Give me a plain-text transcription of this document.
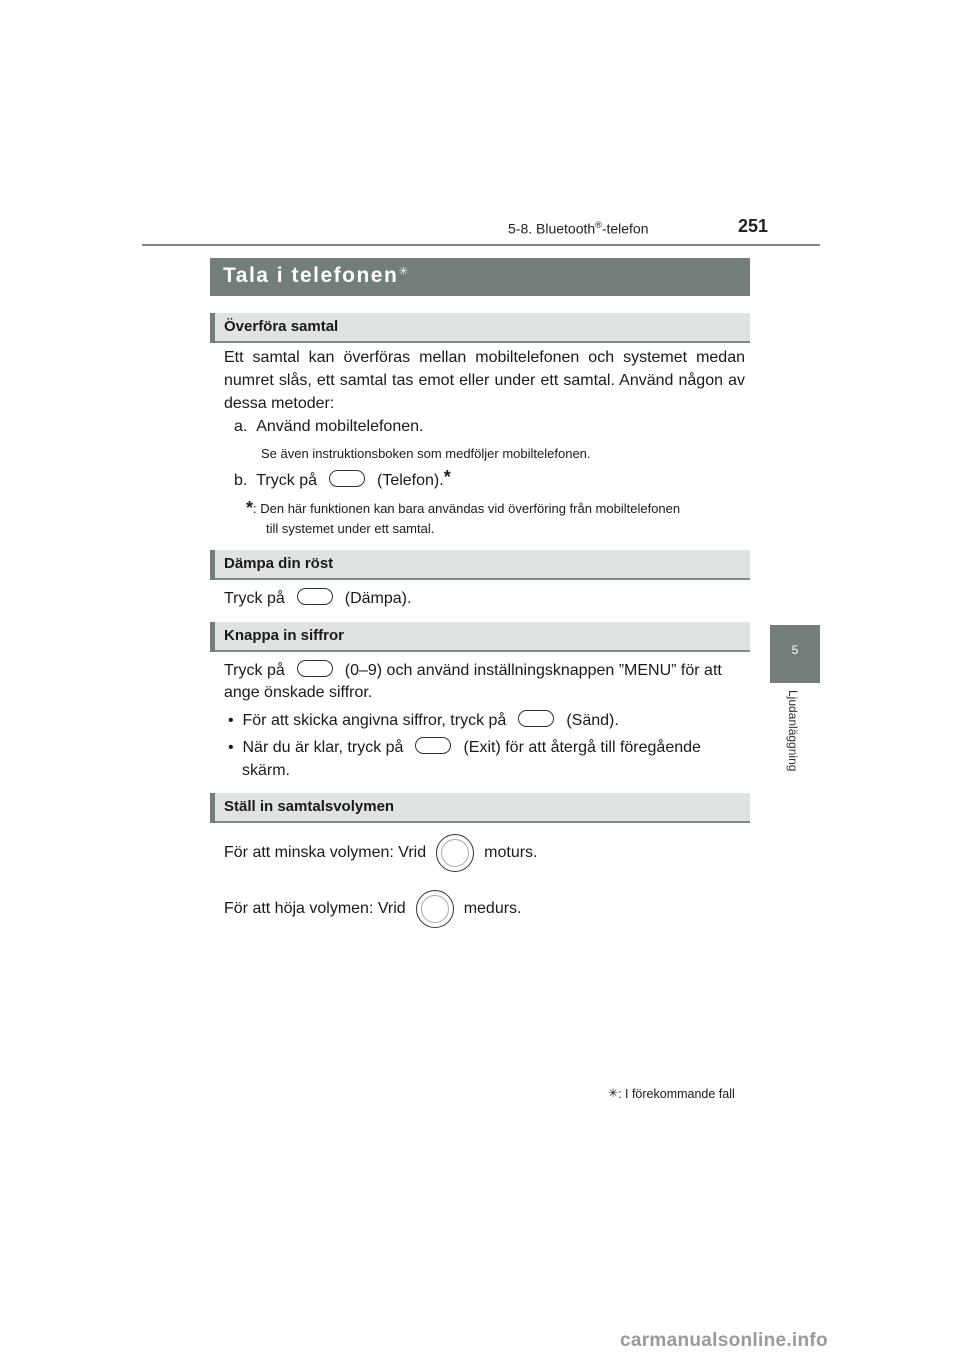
5-8. Bluetooth®-telefon	251
5
Ljudanläggning
Tala i telefonen✳
Överföra samtal
Ett samtal kan överföras mellan mobiltelefonen och systemet medan numret slås, ett samtal tas emot eller under ett samtal. Använd någon av dessa metoder:
a. Använd mobiltelefonen.
Se även instruktionsboken som medföljer mobiltelefonen.
b. Tryck på	(Telefon).*
*: Den här funktionen kan bara användas vid överföring från mobiltelefonen
till systemet under ett samtal.
Dämpa din röst
Tryck på	(Dämpa).
Knappa in siffror
Tryck på	(0–9) och använd inställningsknappen ”MENU” för att
ange önskade siffror.
• För att skicka angivna siffror, tryck på	(Sänd).
• När du är klar, tryck på	(Exit) för att återgå till föregående
skärm.
Ställ in samtalsvolymen
För att minska volymen: Vrid	moturs.
För att höja volymen: Vrid	medurs.
✳: I förekommande fall
carmanualsonline.info
